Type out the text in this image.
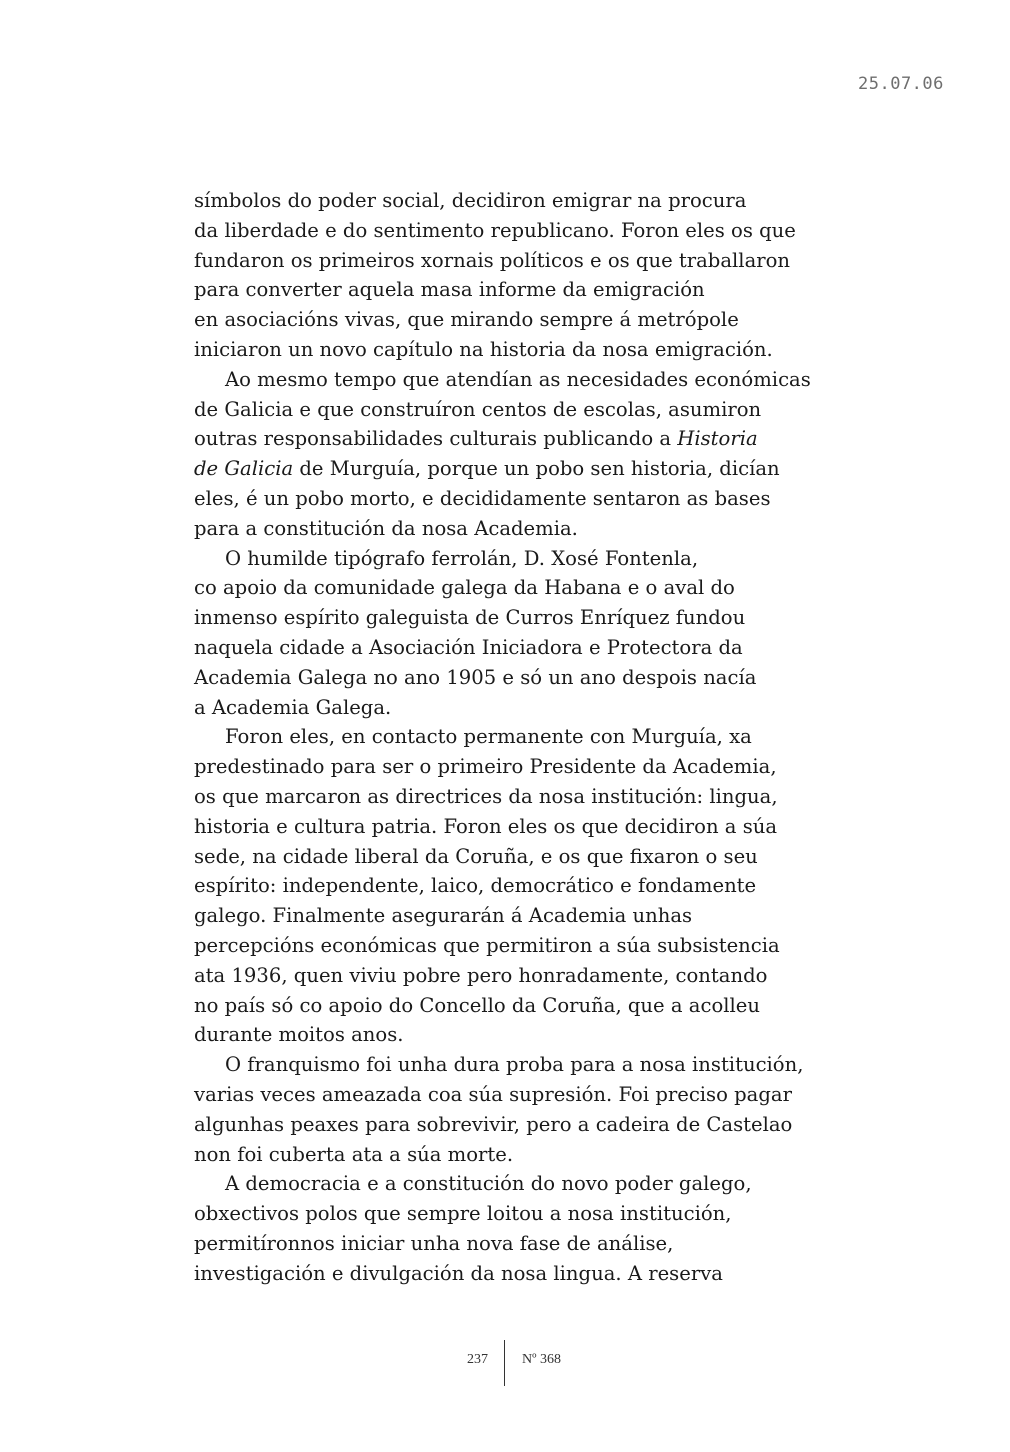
25.07.06
símbolos do poder social, decidiron emigrar na procura
da liberdade e do sentimento republicano. Foron eles os que
fundaron os primeiros xornais políticos e os que traballaron
para converter aquela masa informe da emigración
en asociacións vivas, que mirando sempre á metrópole
iniciaron un novo capítulo na historia da nosa emigración.
Ao mesmo tempo que atendían as necesidades económicas
de Galicia e que construíron centos de escolas, asumiron
outras responsabilidades culturais publicando a Historia
de Galicia de Murguía, porque un pobo sen historia, dicían
eles, é un pobo morto, e decididamente sentaron as bases
para a constitución da nosa Academia.
O humilde tipógrafo ferrolán, D. Xosé Fontenla,
co apoio da comunidade galega da Habana e o aval do
inmenso espírito galeguista de Curros Enríquez fundou
naquela cidade a Asociación Iniciadora e Protectora da
Academia Galega no ano 1905 e só un ano despois nacía
a Academia Galega.
Foron eles, en contacto permanente con Murguía, xa
predestinado para ser o primeiro Presidente da Academia,
os que marcaron as directrices da nosa institución: lingua,
historia e cultura patria. Foron eles os que decidiron a súa
sede, na cidade liberal da Coruña, e os que fixaron o seu
espírito: independente, laico, democrático e fondamente
galego. Finalmente asegurarán á Academia unhas
percepcións económicas que permitiron a súa subsistencia
ata 1936, quen viviu pobre pero honradamente, contando
no país só co apoio do Concello da Coruña, que a acolleu
durante moitos anos.
O franquismo foi unha dura proba para a nosa institución,
varias veces ameazada coa súa supresión. Foi preciso pagar
algunhas peaxes para sobrevivir, pero a cadeira de Castelao
non foi cuberta ata a súa morte.
A democracia e a constitución do novo poder galego,
obxectivos polos que sempre loitou a nosa institución,
permitíronnos iniciar unha nova fase de análise,
investigación e divulgación da nosa lingua. A reserva
237 Nº 368
